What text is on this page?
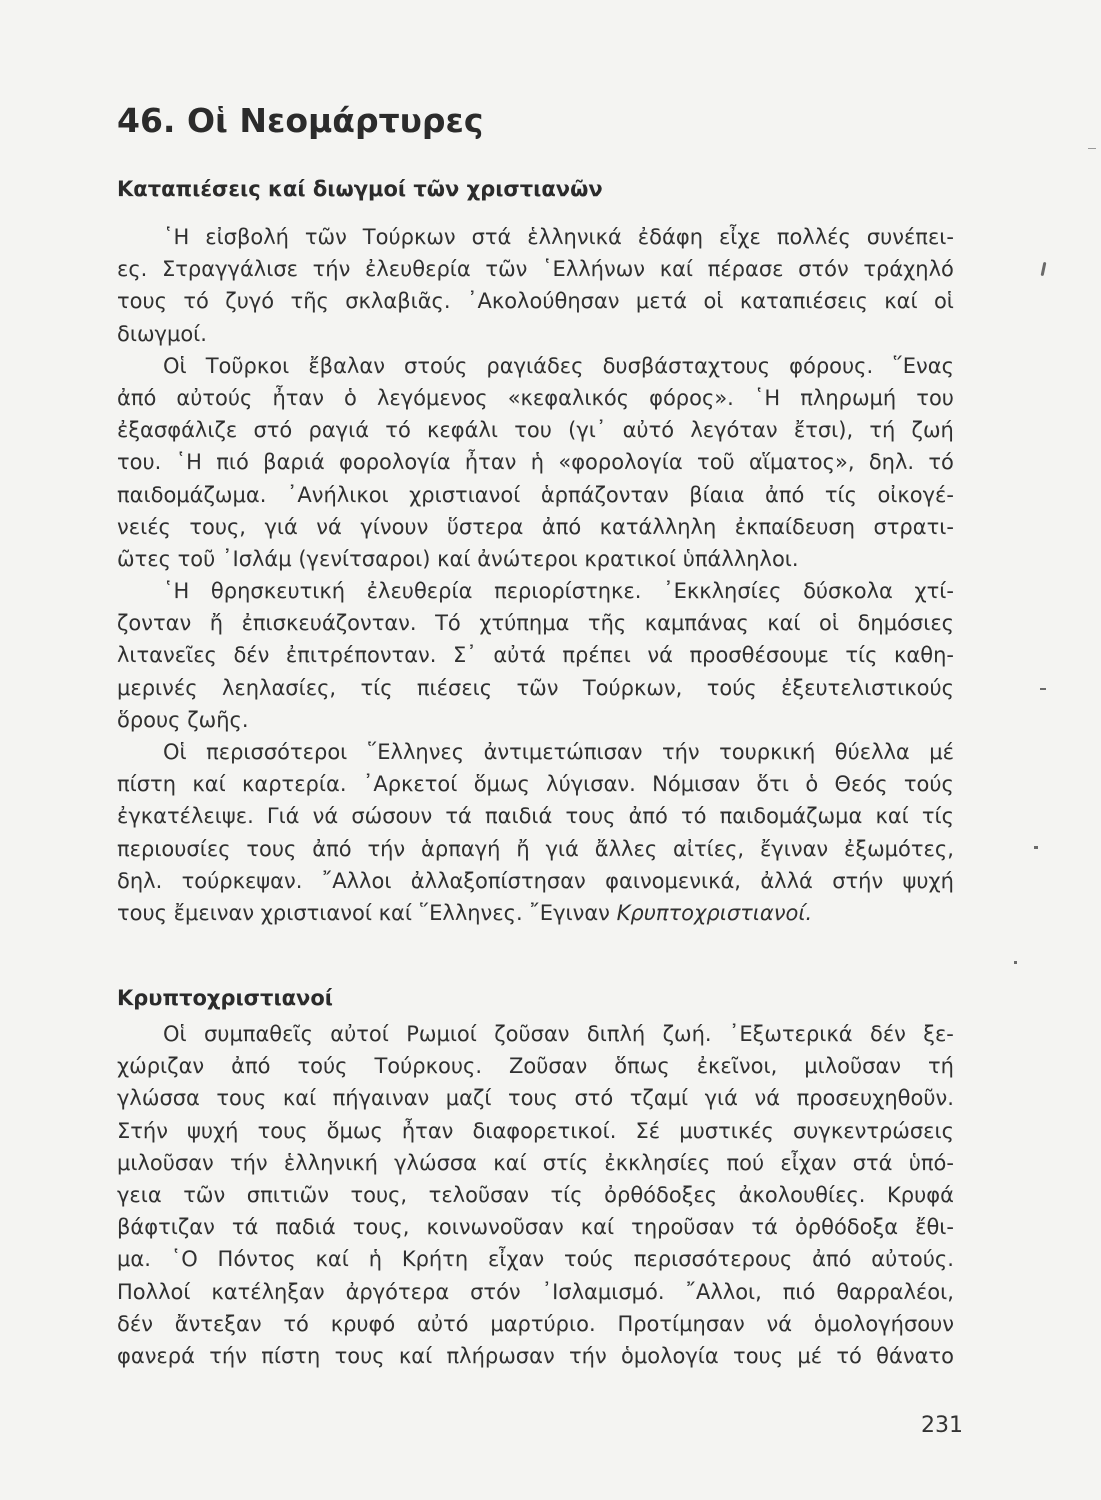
46. Οἱ Νεομάρτυρες
Καταπιέσεις καί διωγμοί τῶν χριστιανῶν
῾Η εἰσβολή τῶν Τούρκων στά ἑλληνικά ἐδάφη εἶχε πολλές συνέπει-
ες. Στραγγάλισε τήν ἐλευθερία τῶν ῾Ελλήνων καί πέρασε στόν τράχηλό
τους τό ζυγό τῆς σκλαβιᾶς. ᾿Ακολούθησαν μετά οἱ καταπιέσεις καί οἱ
διωγμοί.
Οἱ Τοῦρκοι ἔβαλαν στούς ραγιάδες δυσβάσταχτους φόρους. ῞Ενας
ἀπό αὐτούς ἦταν ὁ λεγόμενος «κεφαλικός φόρος». ῾Η πληρωμή του
ἐξασφάλιζε στό ραγιά τό κεφάλι του (γι᾿ αὐτό λεγόταν ἔτσι), τή ζωή
του. ῾Η πιό βαριά φορολογία ἦταν ἡ «φορολογία τοῦ αἵματος», δηλ. τό
παιδομάζωμα. ᾿Ανήλικοι χριστιανοί ἁρπάζονταν βίαια ἀπό τίς οἰκογέ-
νειές τους, γιά νά γίνουν ὕστερα ἀπό κατάλληλη ἐκπαίδευση στρατι-
ῶτες τοῦ ᾿Ισλάμ (γενίτσαροι) καί ἀνώτεροι κρατικοί ὑπάλληλοι.
῾Η θρησκευτική ἐλευθερία περιορίστηκε. ᾿Εκκλησίες δύσκολα χτί-
ζονταν ἤ ἐπισκευάζονταν. Τό χτύπημα τῆς καμπάνας καί οἱ δημόσιες
λιτανεῖες δέν ἐπιτρέπονταν. Σ᾿ αὐτά πρέπει νά προσθέσουμε τίς καθη-
μερινές λεηλασίες, τίς πιέσεις τῶν Τούρκων, τούς ἐξευτελιστικούς
ὅρους ζωῆς.
Οἱ περισσότεροι ῞Ελληνες ἀντιμετώπισαν τήν τουρκική θύελλα μέ
πίστη καί καρτερία. ᾿Αρκετοί ὅμως λύγισαν. Νόμισαν ὅτι ὁ Θεός τούς
ἐγκατέλειψε. Γιά νά σώσουν τά παιδιά τους ἀπό τό παιδομάζωμα καί τίς
περιουσίες τους ἀπό τήν ἁρπαγή ἤ γιά ἄλλες αἰτίες, ἔγιναν ἐξωμότες,
δηλ. τούρκεψαν. ῎Αλλοι ἀλλαξοπίστησαν φαινομενικά, ἀλλά στήν ψυχή
τους ἔμειναν χριστιανοί καί ῞Ελληνες. ῎Εγιναν
Κρυπτοχριστιανοί.
Κρυπτοχριστιανοί
Οἱ συμπαθεῖς αὐτοί Ρωμιοί ζοῦσαν διπλή ζωή. ᾿Εξωτερικά δέν ξε-
χώριζαν ἀπό τούς Τούρκους. Ζοῦσαν ὅπως ἐκεῖνοι, μιλοῦσαν τή
γλώσσα τους καί πήγαιναν μαζί τους στό τζαμί γιά νά προσευχηθοῦν.
Στήν ψυχή τους ὅμως ἦταν διαφορετικοί. Σέ μυστικές συγκεντρώσεις
μιλοῦσαν τήν ἑλληνική γλώσσα καί στίς ἐκκλησίες πού εἶχαν στά ὑπό-
γεια τῶν σπιτιῶν τους, τελοῦσαν τίς ὀρθόδοξες ἀκολουθίες. Κρυφά
βάφτιζαν τά παδιά τους, κοινωνοῦσαν καί τηροῦσαν τά ὀρθόδοξα ἔθι-
μα. ῾Ο Πόντος καί ἡ Κρήτη εἶχαν τούς περισσότερους ἀπό αὐτούς.
Πολλοί κατέληξαν ἀργότερα στόν ᾿Ισλαμισμό. ῎Αλλοι, πιό θαρραλέοι,
δέν ἄντεξαν τό κρυφό αὐτό μαρτύριο. Προτίμησαν νά ὁμολογήσουν
φανερά τήν πίστη τους καί πλήρωσαν τήν ὁμολογία τους μέ τό θάνατο
231
